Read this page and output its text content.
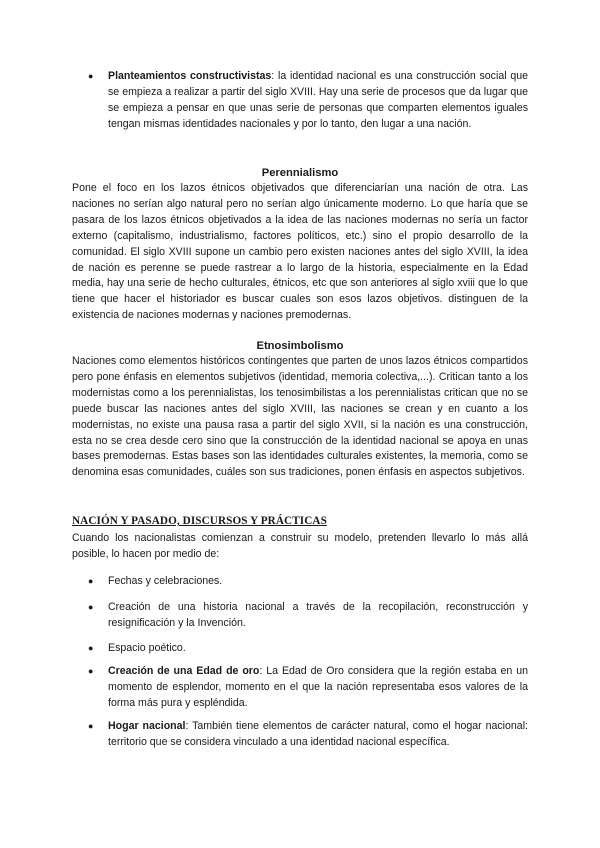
● Planteamientos constructivistas: la identidad nacional es una construcción social que se empieza a realizar a partir del siglo XVIII. Hay una serie de procesos que da lugar que se empieza a pensar en que unas serie de personas que comparten elementos iguales tengan mismas identidades nacionales y por lo tanto, den lugar a una nación.
Perennialismo
Pone el foco en los lazos étnicos objetivados que diferenciarían una nación de otra. Las naciones no serían algo natural pero no serían algo únicamente moderno. Lo que haría que se pasara de los lazos étnicos objetivados a la idea de las naciones modernas no sería un factor externo (capitalismo, industrialismo, factores políticos, etc.) sino el propio desarrollo de la comunidad. El siglo XVIII supone un cambio pero existen naciones antes del siglo XVIII, la idea de nación es perenne se puede rastrear a lo largo de la historia, especialmente en la Edad media, hay una serie de hecho culturales, étnicos, etc que son anteriores al siglo xviii que lo que tiene que hacer el historiador es buscar cuales son esos lazos objetivos. distinguen de la existencia de naciones modernas y naciones premodernas.
Etnosimbolismo
Naciones como elementos históricos contingentes que parten de unos lazos étnicos compartidos pero pone énfasis en elementos subjetivos (identidad, memoria colectiva,...). Critican tanto a los modernistas como a los perennialistas, los tenosimbilistas a los perennialistas critican que no se puede buscar las naciones antes del siglo XVIII, las naciones se crean y en cuanto a los modernistas, no existe una pausa rasa a partir del siglo XVII, si la nación es una construcción, esta no se crea desde cero sino que la construcción de la identidad nacional se apoya en unas bases premodernas. Estas bases son las identidades culturales existentes, la memoria, como se denomina esas comunidades, cuáles son sus tradiciones, ponen énfasis en aspectos subjetivos.
NACIÓN Y PASADO, DISCURSOS Y PRÁCTICAS
Cuando los nacionalistas comienzan a construir su modelo, pretenden llevarlo lo más allá posible, lo hacen por medio de:
● Fechas y celebraciones.
● Creación de una historia nacional a través de la recopilación, reconstrucción y resignificación y la Invención.
● Espacio poético.
● Creación de una Edad de oro: La Edad de Oro considera que la región estaba en un momento de esplendor, momento en el que la nación representaba esos valores de la forma más pura y espléndida.
● Hogar nacional: También tiene elementos de carácter natural, como el hogar nacional: territorio que se considera vinculado a una identidad nacional específica.
